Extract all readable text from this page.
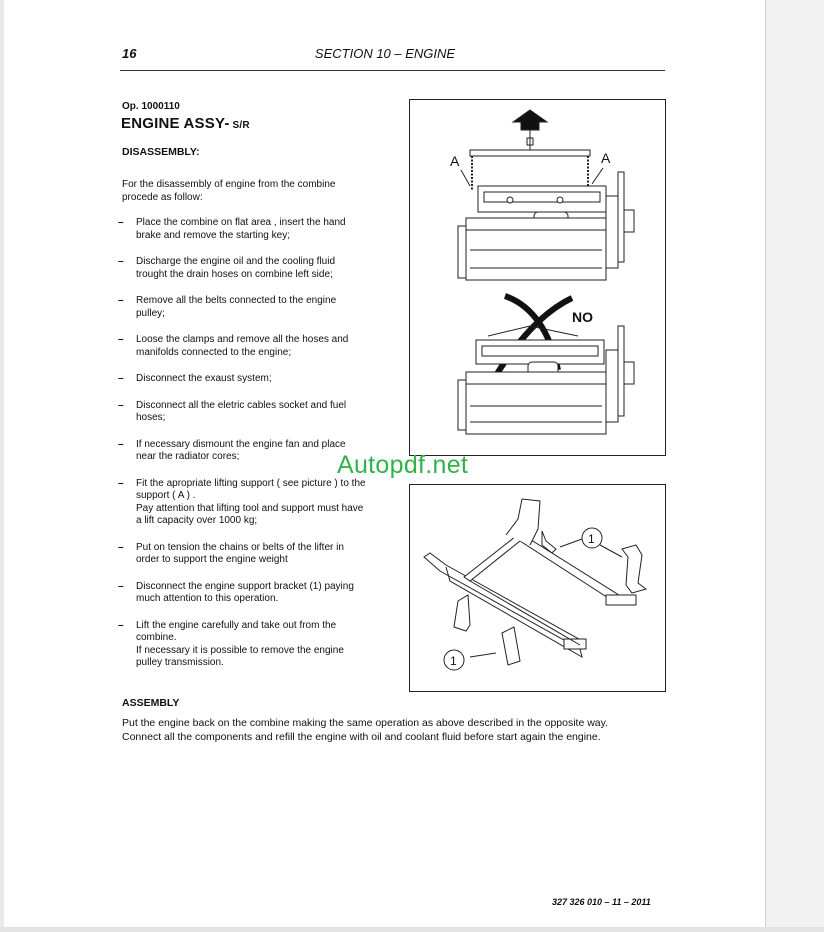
16	SECTION 10 – ENGINE
Op. 1000110
ENGINE ASSY- S/R
DISASSEMBLY:
For the disassembly of engine from the combine
procede as follow:
– Place the combine on flat area , insert the hand
brake and remove the starting key;
– Discharge the engine oil and the cooling fluid
trought the drain hoses on combine left side;
– Remove all the belts connected to the engine
pulley;
– Loose the clamps and remove all the hoses and
manifolds connected to the engine;
– Disconnect the exaust system;
– Disconnect all the eletric cables socket and fuel
hoses;
– If necessary dismount the engine fan and place
near the radiator cores;
– Fit the apropriate lifting support ( see picture ) to the
support ( A ) .
Pay attention that lifting tool and support must have
a lift capacity over 1000 kg;
– Put on tension the chains or belts of the lifter in
order to support the engine weight
– Disconnect the engine support bracket (1) paying
much attention to this operation.
– Lift the engine carefully and take out from the
combine.
If necessary it is possible to remove the engine
pulley transmission.
ASSEMBLY
Put the engine back on the combine making the same operation as above described in the opposite way.
Connect all the components and refill the engine with oil and coolant fluid before start again the engine.
A	A
NO
1
1
Autopdf.net
327 326 010 – 11 – 2011
